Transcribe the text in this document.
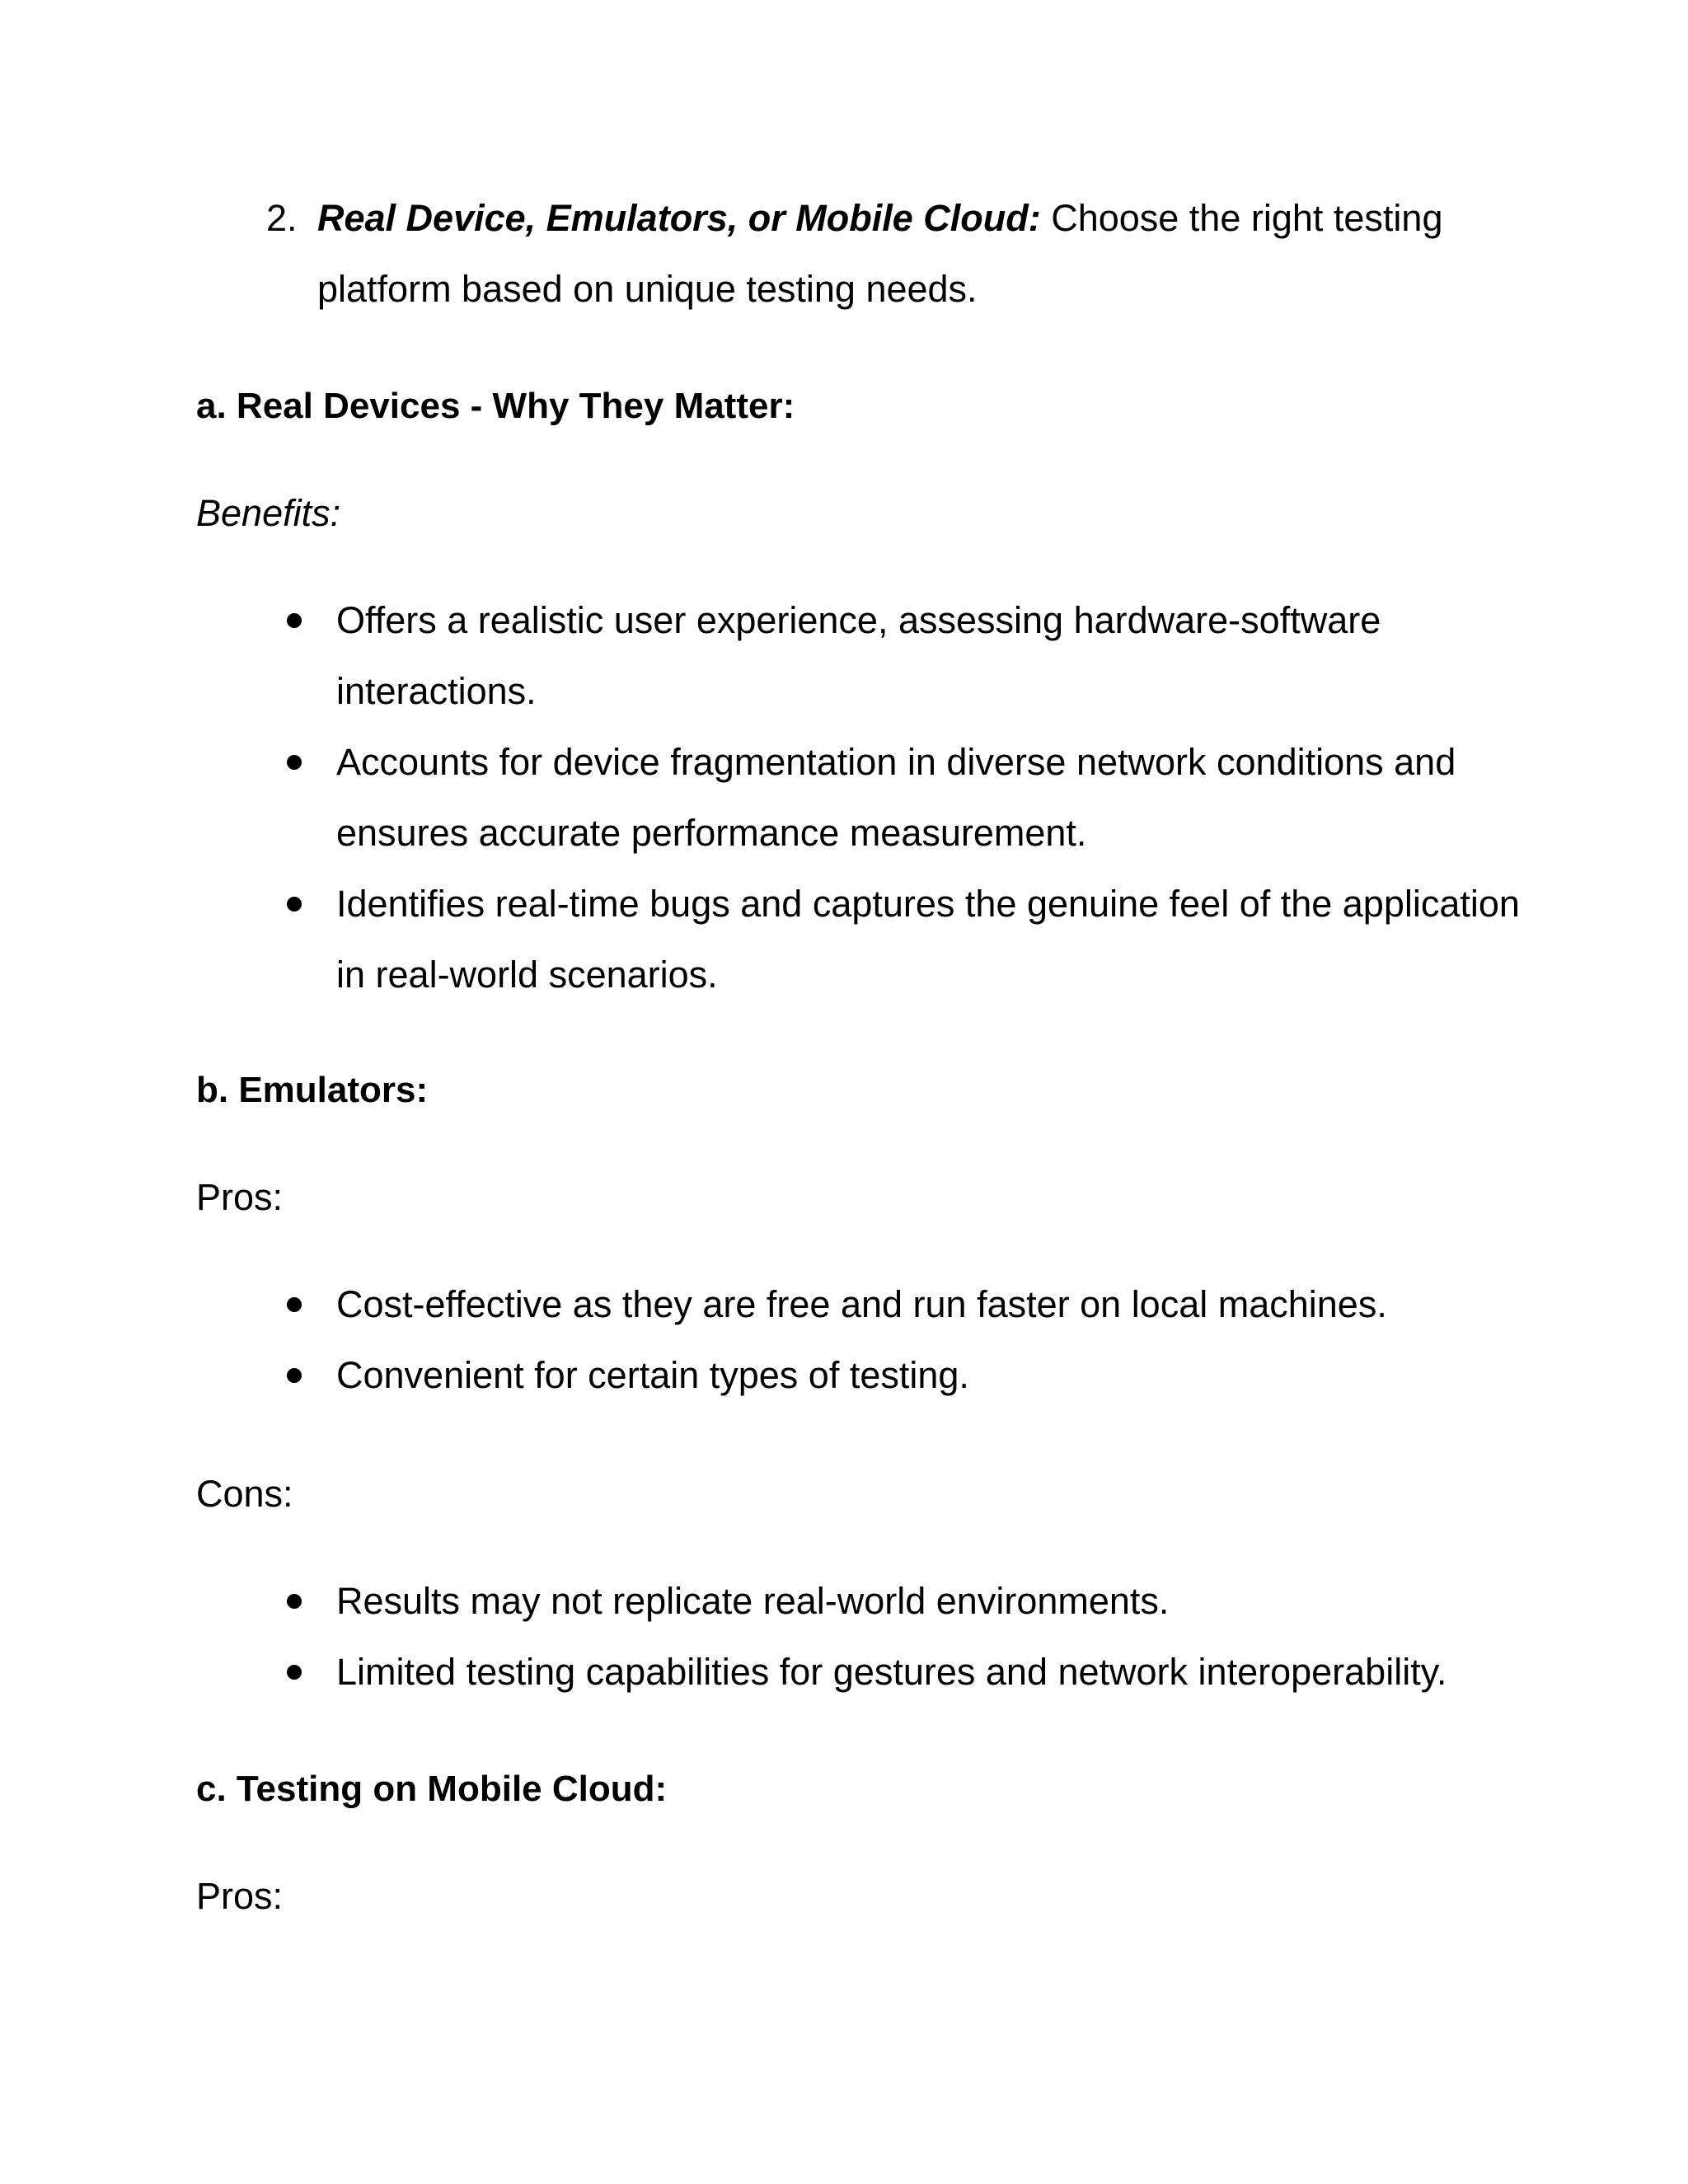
2. Real Device, Emulators, or Mobile Cloud: Choose the right testing platform based on unique testing needs.
a. Real Devices - Why They Matter:
Benefits:
Offers a realistic user experience, assessing hardware-software interactions.
Accounts for device fragmentation in diverse network conditions and ensures accurate performance measurement.
Identifies real-time bugs and captures the genuine feel of the application in real-world scenarios.
b. Emulators:
Pros:
Cost-effective as they are free and run faster on local machines.
Convenient for certain types of testing.
Cons:
Results may not replicate real-world environments.
Limited testing capabilities for gestures and network interoperability.
c. Testing on Mobile Cloud:
Pros:
